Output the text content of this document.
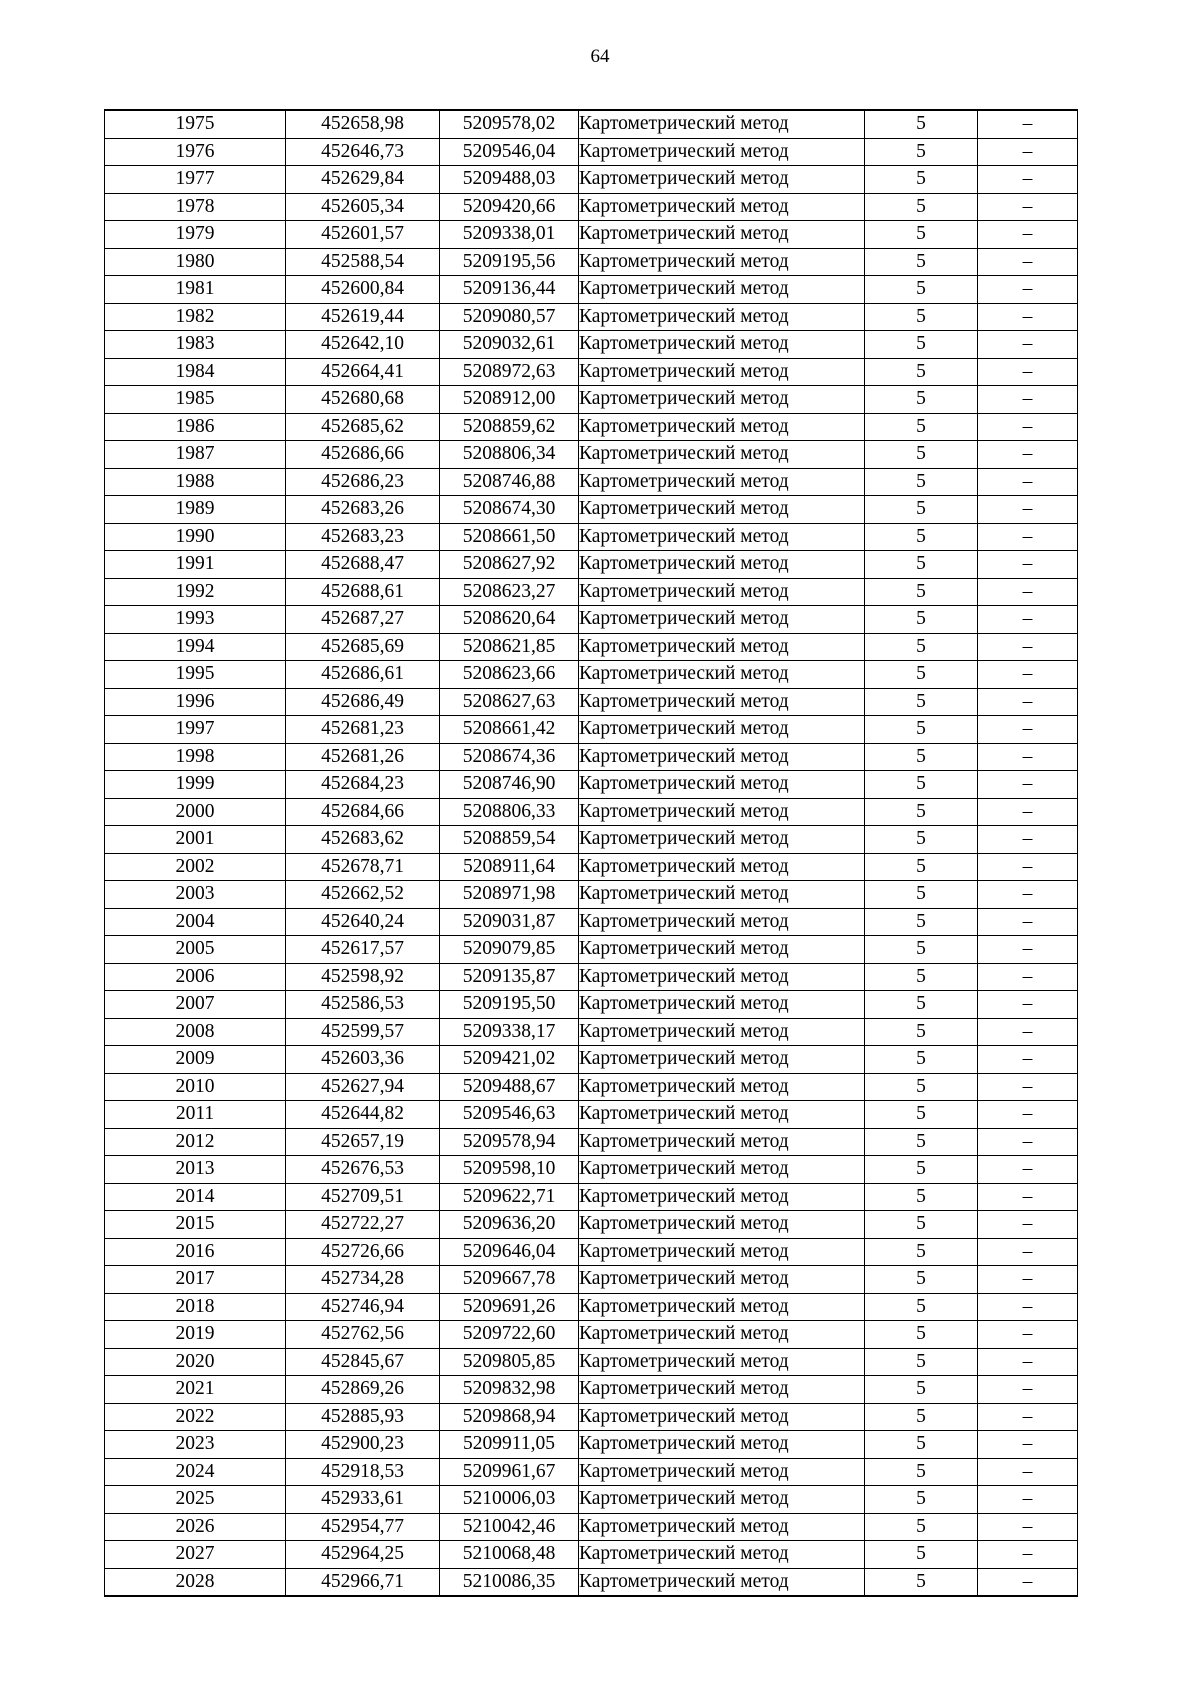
64
1975	452658,98	5209578,02	Картометрический метод	5	–
1976	452646,73	5209546,04	Картометрический метод	5	–
1977	452629,84	5209488,03	Картометрический метод	5	–
1978	452605,34	5209420,66	Картометрический метод	5	–
1979	452601,57	5209338,01	Картометрический метод	5	–
1980	452588,54	5209195,56	Картометрический метод	5	–
1981	452600,84	5209136,44	Картометрический метод	5	–
1982	452619,44	5209080,57	Картометрический метод	5	–
1983	452642,10	5209032,61	Картометрический метод	5	–
1984	452664,41	5208972,63	Картометрический метод	5	–
1985	452680,68	5208912,00	Картометрический метод	5	–
1986	452685,62	5208859,62	Картометрический метод	5	–
1987	452686,66	5208806,34	Картометрический метод	5	–
1988	452686,23	5208746,88	Картометрический метод	5	–
1989	452683,26	5208674,30	Картометрический метод	5	–
1990	452683,23	5208661,50	Картометрический метод	5	–
1991	452688,47	5208627,92	Картометрический метод	5	–
1992	452688,61	5208623,27	Картометрический метод	5	–
1993	452687,27	5208620,64	Картометрический метод	5	–
1994	452685,69	5208621,85	Картометрический метод	5	–
1995	452686,61	5208623,66	Картометрический метод	5	–
1996	452686,49	5208627,63	Картометрический метод	5	–
1997	452681,23	5208661,42	Картометрический метод	5	–
1998	452681,26	5208674,36	Картометрический метод	5	–
1999	452684,23	5208746,90	Картометрический метод	5	–
2000	452684,66	5208806,33	Картометрический метод	5	–
2001	452683,62	5208859,54	Картометрический метод	5	–
2002	452678,71	5208911,64	Картометрический метод	5	–
2003	452662,52	5208971,98	Картометрический метод	5	–
2004	452640,24	5209031,87	Картометрический метод	5	–
2005	452617,57	5209079,85	Картометрический метод	5	–
2006	452598,92	5209135,87	Картометрический метод	5	–
2007	452586,53	5209195,50	Картометрический метод	5	–
2008	452599,57	5209338,17	Картометрический метод	5	–
2009	452603,36	5209421,02	Картометрический метод	5	–
2010	452627,94	5209488,67	Картометрический метод	5	–
2011	452644,82	5209546,63	Картометрический метод	5	–
2012	452657,19	5209578,94	Картометрический метод	5	–
2013	452676,53	5209598,10	Картометрический метод	5	–
2014	452709,51	5209622,71	Картометрический метод	5	–
2015	452722,27	5209636,20	Картометрический метод	5	–
2016	452726,66	5209646,04	Картометрический метод	5	–
2017	452734,28	5209667,78	Картометрический метод	5	–
2018	452746,94	5209691,26	Картометрический метод	5	–
2019	452762,56	5209722,60	Картометрический метод	5	–
2020	452845,67	5209805,85	Картометрический метод	5	–
2021	452869,26	5209832,98	Картометрический метод	5	–
2022	452885,93	5209868,94	Картометрический метод	5	–
2023	452900,23	5209911,05	Картометрический метод	5	–
2024	452918,53	5209961,67	Картометрический метод	5	–
2025	452933,61	5210006,03	Картометрический метод	5	–
2026	452954,77	5210042,46	Картометрический метод	5	–
2027	452964,25	5210068,48	Картометрический метод	5	–
2028	452966,71	5210086,35	Картометрический метод	5	–
